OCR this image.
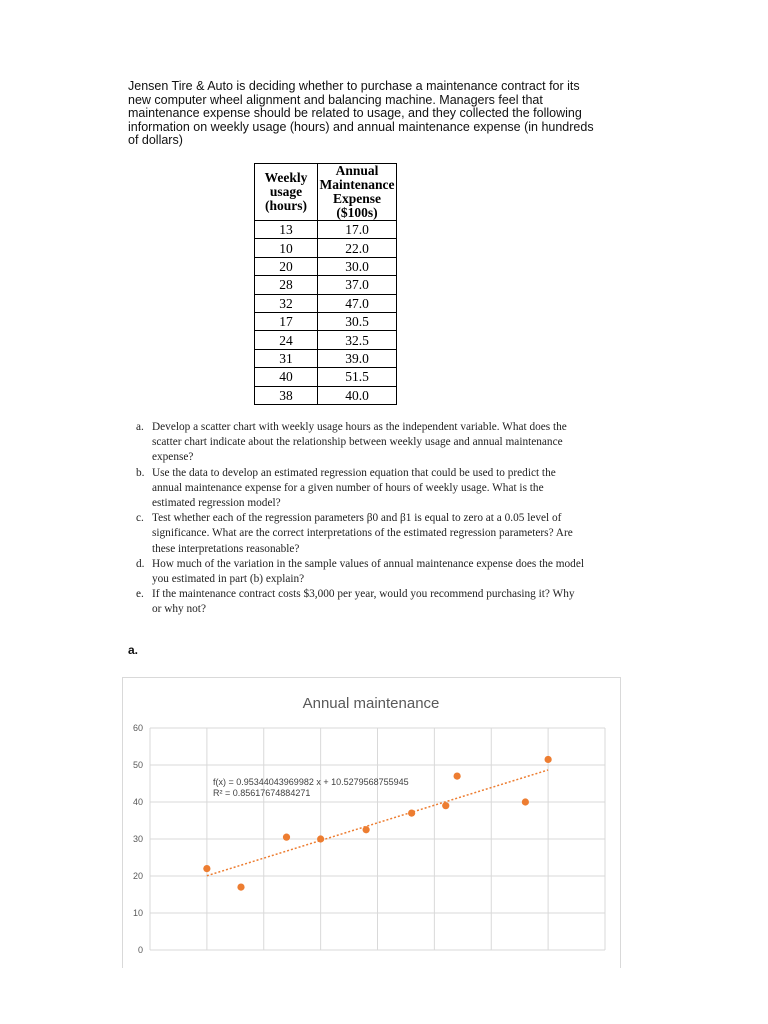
Jensen Tire & Auto is deciding whether to purchase a maintenance contract for its new computer wheel alignment and balancing machine. Managers feel that maintenance expense should be related to usage, and they collected the following information on weekly usage (hours) and annual maintenance expense (in hundreds of dollars)
Weekly usage (hours)	Annual Maintenance Expense ($100s)
13	17.0
10	22.0
20	30.0
28	37.0
32	47.0
17	30.5
24	32.5
31	39.0
40	51.5
38	40.0
a. Develop a scatter chart with weekly usage hours as the independent variable. What does the scatter chart indicate about the relationship between weekly usage and annual maintenance expense?
b. Use the data to develop an estimated regression equation that could be used to predict the annual maintenance expense for a given number of hours of weekly usage. What is the estimated regression model?
c. Test whether each of the regression parameters β0 and β1 is equal to zero at a 0.05 level of significance. What are the correct interpretations of the estimated regression parameters? Are these interpretations reasonable?
d. How much of the variation in the sample values of annual maintenance expense does the model you estimated in part (b) explain?
e. If the maintenance contract costs $3,000 per year, would you recommend purchasing it? Why or why not?
a.
Annual maintenance
0
10
20
30
40
50
60
f(x) = 0.95344043969982 x + 10.5279568755945
R² = 0.85617674884271
